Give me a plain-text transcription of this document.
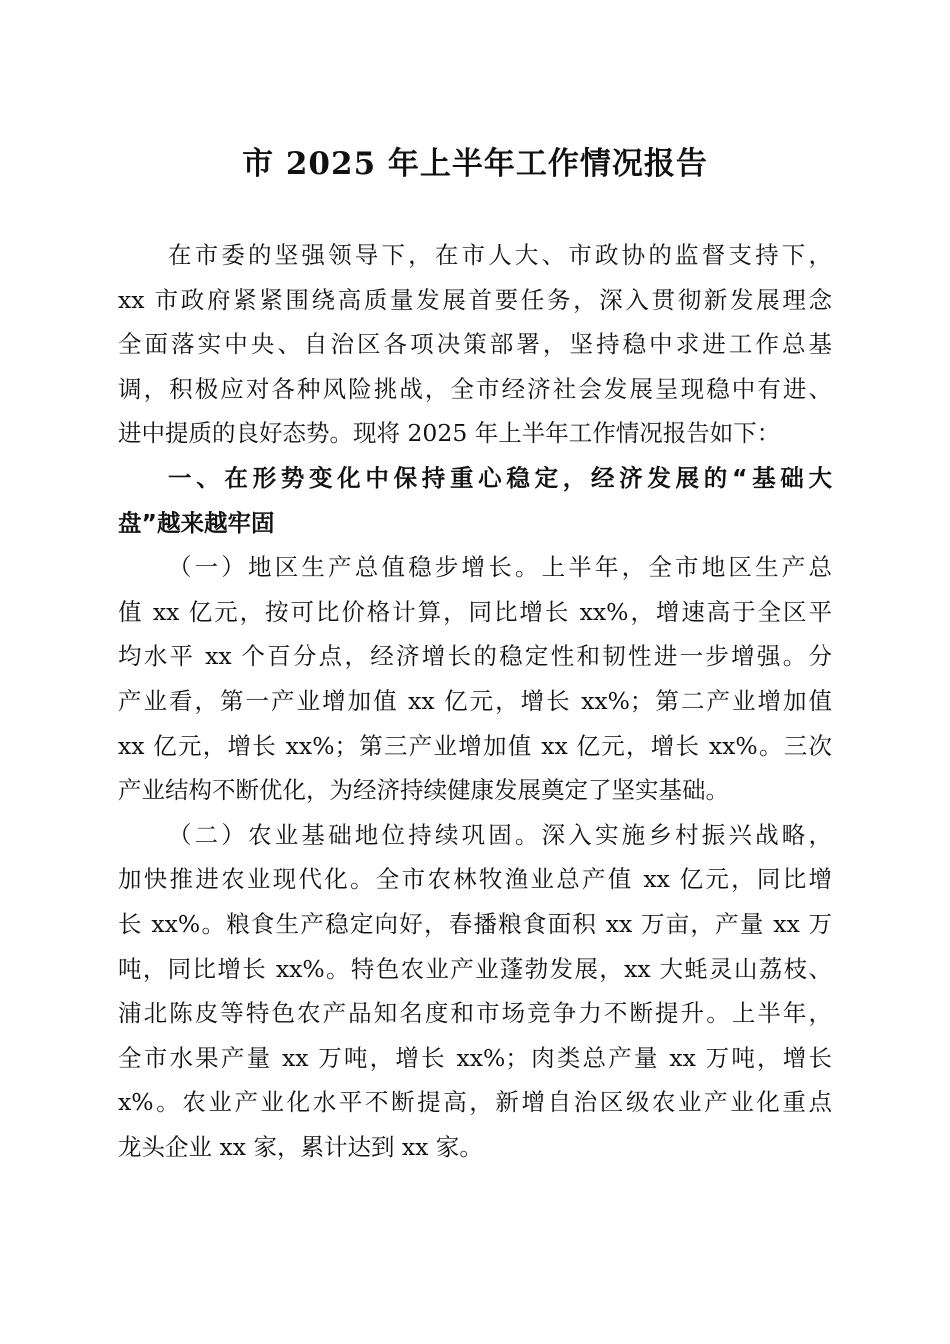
市 2025 年上半年工作情况报告
在市委的坚强领导下，在市人大、市政协的监督支持下，
xx 市政府紧紧围绕高质量发展首要任务，深入贯彻新发展理念
全面落实中央、自治区各项决策部署，坚持稳中求进工作总基
调，积极应对各种风险挑战，全市经济社会发展呈现稳中有进、
进中提质的良好态势。现将 2025 年上半年工作情况报告如下：
一、在形势变化中保持重心稳定，经济发展的“基础大
盘”越来越牢固
（一）地区生产总值稳步增长。上半年，全市地区生产总
值 xx 亿元，按可比价格计算，同比增长 xx%，增速高于全区平
均水平 xx 个百分点，经济增长的稳定性和韧性进一步增强。分
产业看，第一产业增加值 xx 亿元，增长 xx%；第二产业增加值
xx 亿元，增长 xx%；第三产业增加值 xx 亿元，增长 xx%。三次
产业结构不断优化，为经济持续健康发展奠定了坚实基础。
（二）农业基础地位持续巩固。深入实施乡村振兴战略，
加快推进农业现代化。全市农林牧渔业总产值 xx 亿元，同比增
长 xx%。粮食生产稳定向好，春播粮食面积 xx 万亩，产量 xx 万
吨，同比增长 xx%。特色农业产业蓬勃发展，xx 大蚝灵山荔枝、
浦北陈皮等特色农产品知名度和市场竞争力不断提升。上半年，
全市水果产量 xx 万吨，增长 xx%；肉类总产量 xx 万吨，增长
x%。农业产业化水平不断提高，新增自治区级农业产业化重点
龙头企业 xx 家，累计达到 xx 家。
